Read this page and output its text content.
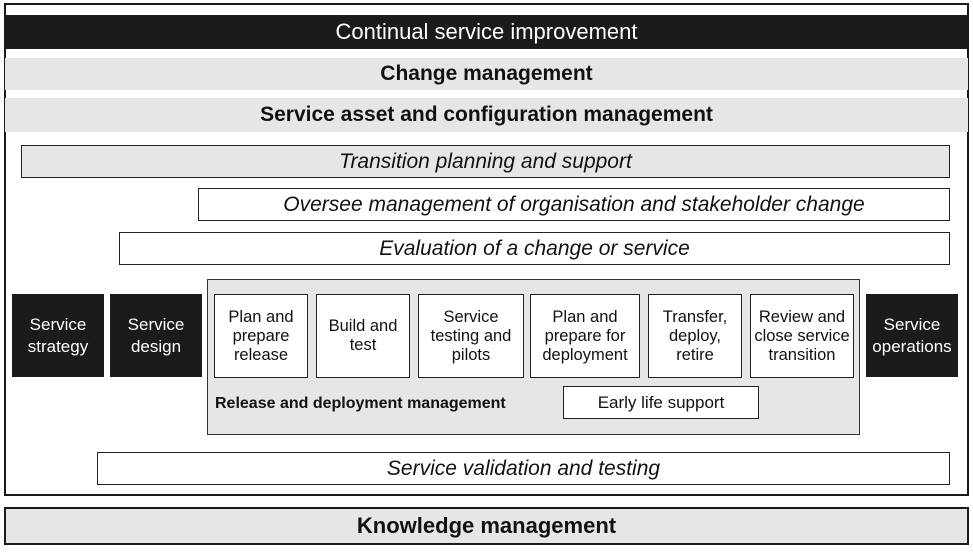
Continual service improvement
Change management
Service asset and configuration management
Transition planning and support
Oversee management of organisation and stakeholder change
Evaluation of a change or service
Service strategy
Service design
Service operations
Plan and prepare release
Build and test
Service testing and pilots
Plan and prepare for deployment
Transfer, deploy, retire
Review and close service transition
Release and deployment management	Early life support
Service validation and testing
Knowledge management
